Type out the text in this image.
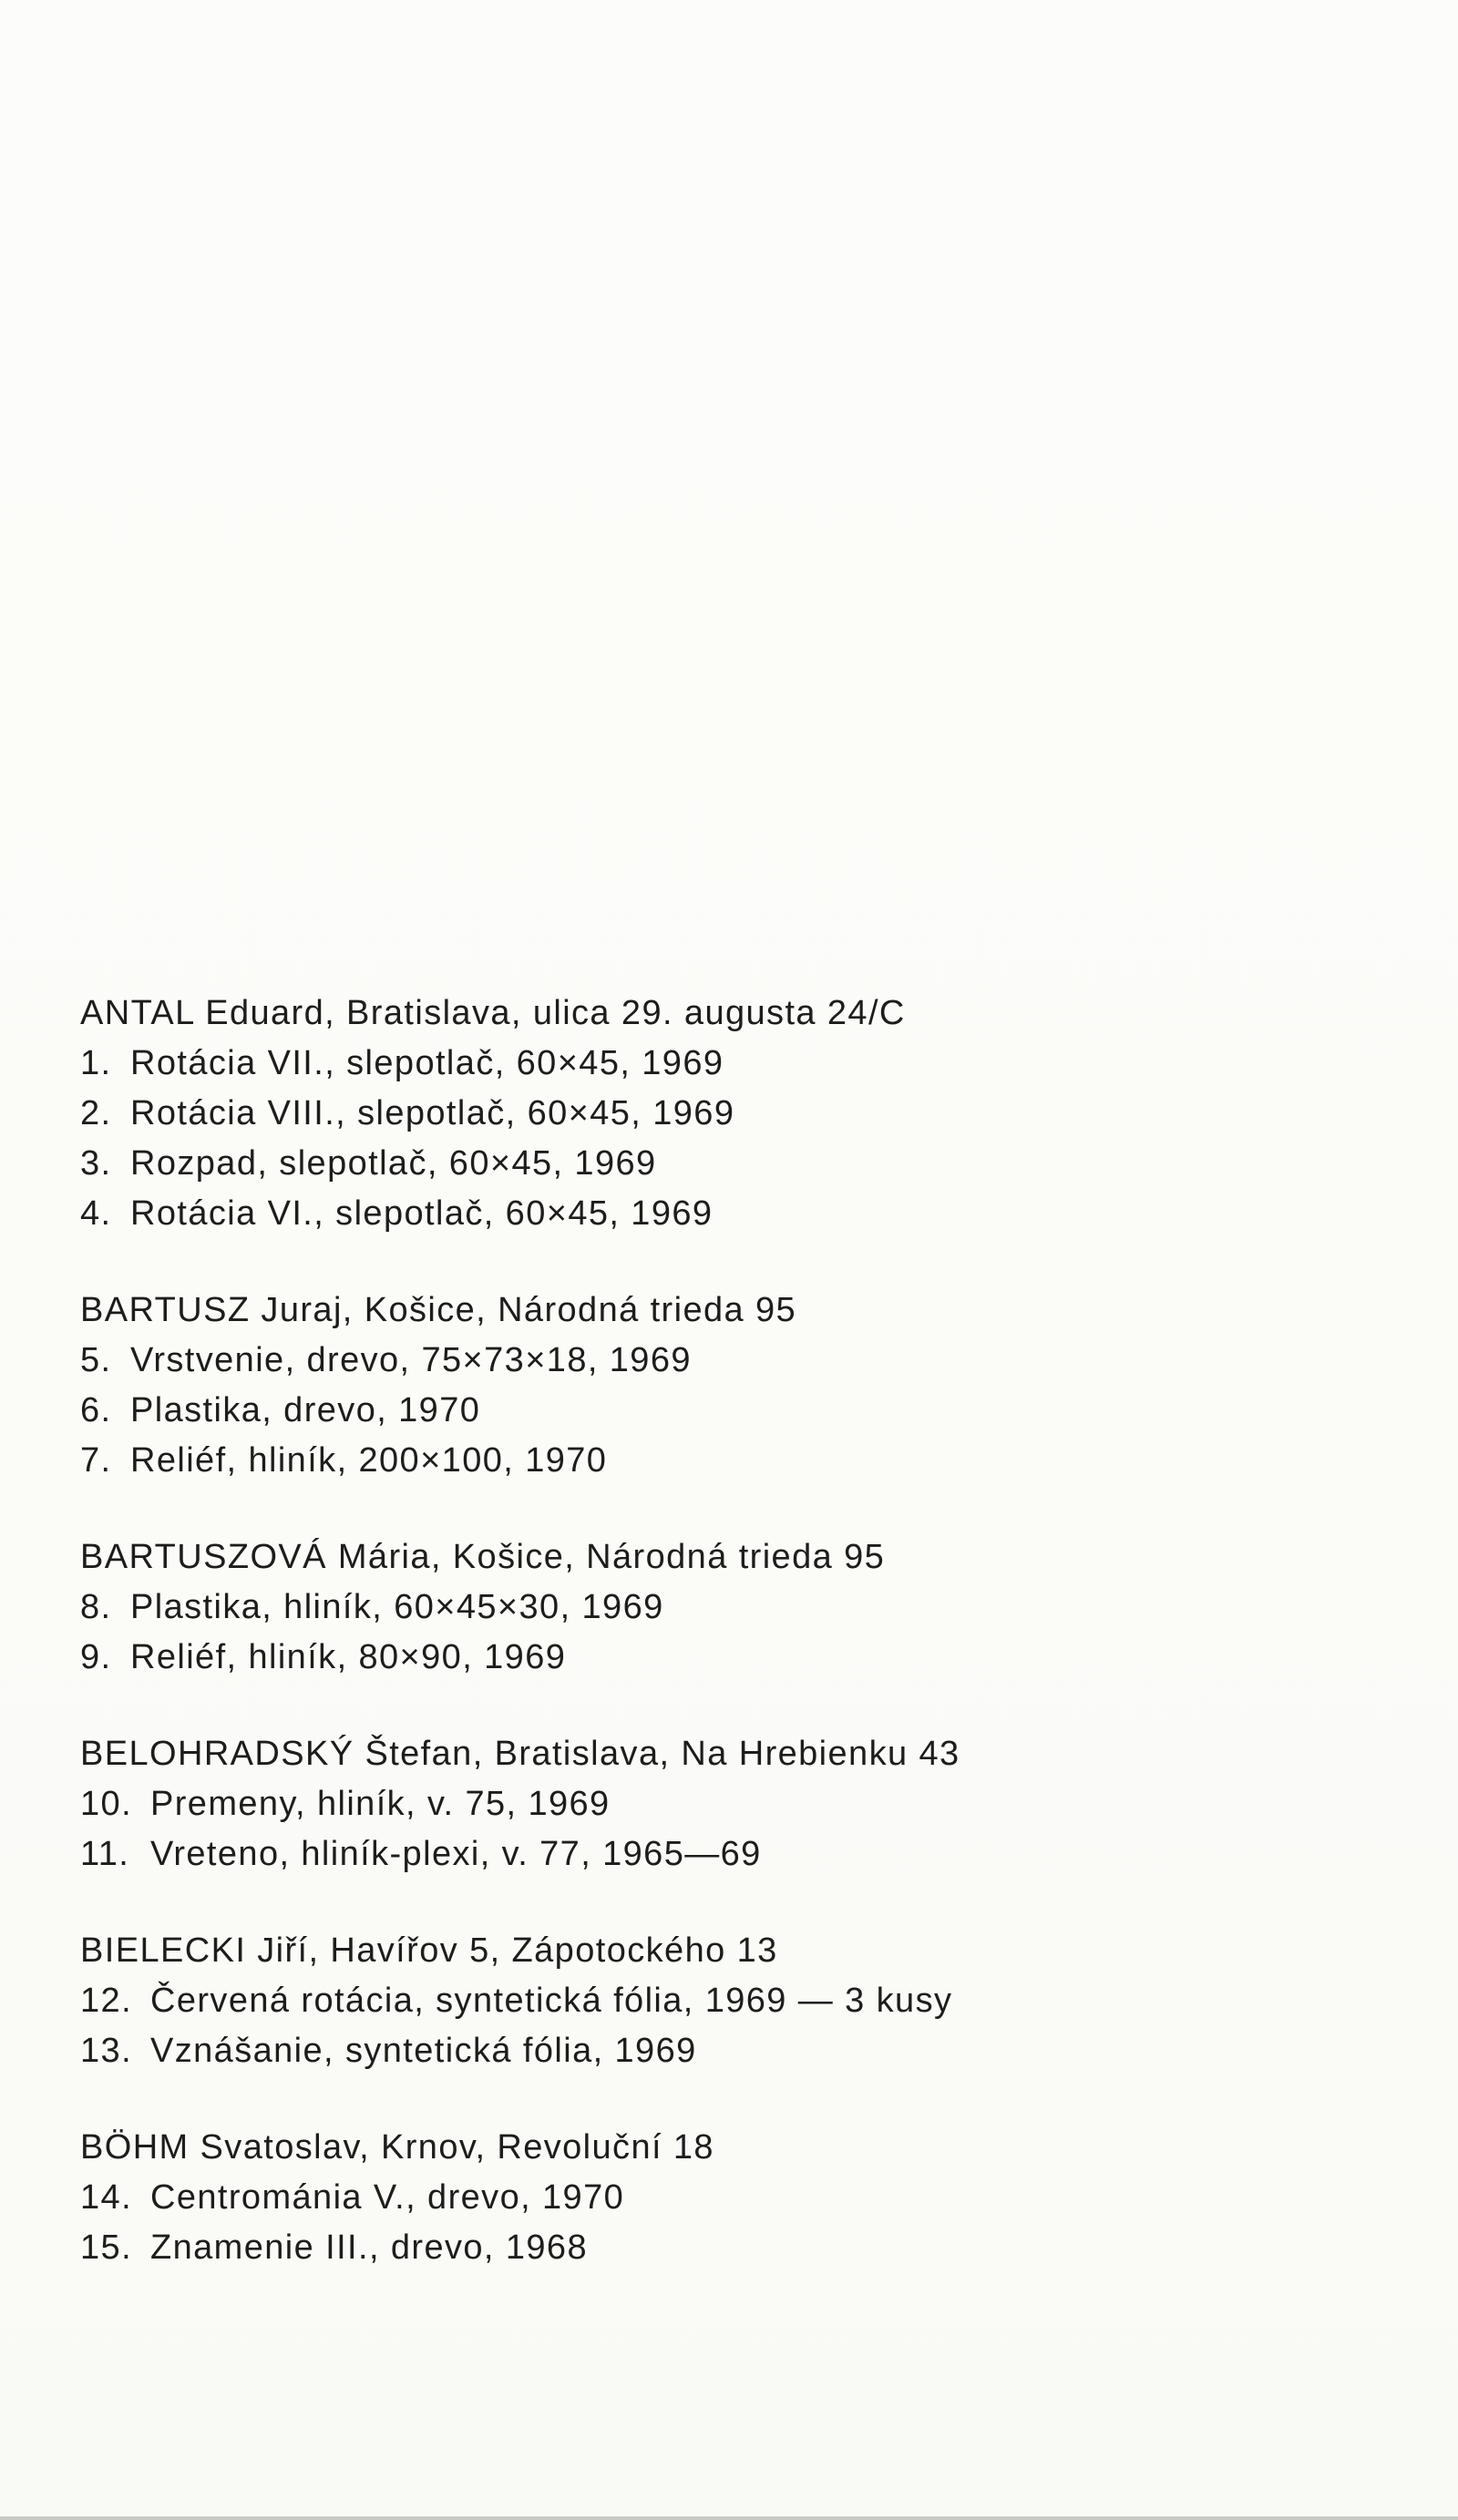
ANTAL Eduard, Bratislava, ulica 29. augusta 24/C
1. Rotácia VII., slepotlač, 60×45, 1969
2. Rotácia VIII., slepotlač, 60×45, 1969
3. Rozpad, slepotlač, 60×45, 1969
4. Rotácia VI., slepotlač, 60×45, 1969
BARTUSZ Juraj, Košice, Národná trieda 95
5. Vrstvenie, drevo, 75×73×18, 1969
6. Plastika, drevo, 1970
7. Reliéf, hliník, 200×100, 1970
BARTUSZOVÁ Mária, Košice, Národná trieda 95
8. Plastika, hliník, 60×45×30, 1969
9. Reliéf, hliník, 80×90, 1969
BELOHRADSKÝ Štefan, Bratislava, Na Hrebienku 43
10. Premeny, hliník, v. 75, 1969
11. Vreteno, hliník-plexi, v. 77, 1965—69
BIELECKI Jiří, Havířov 5, Zápotockého 13
12. Červená rotácia, syntetická fólia, 1969 — 3 kusy
13. Vznášanie, syntetická fólia, 1969
BÖHM Svatoslav, Krnov, Revoluční 18
14. Centrománia V., drevo, 1970
15. Znamenie III., drevo, 1968
